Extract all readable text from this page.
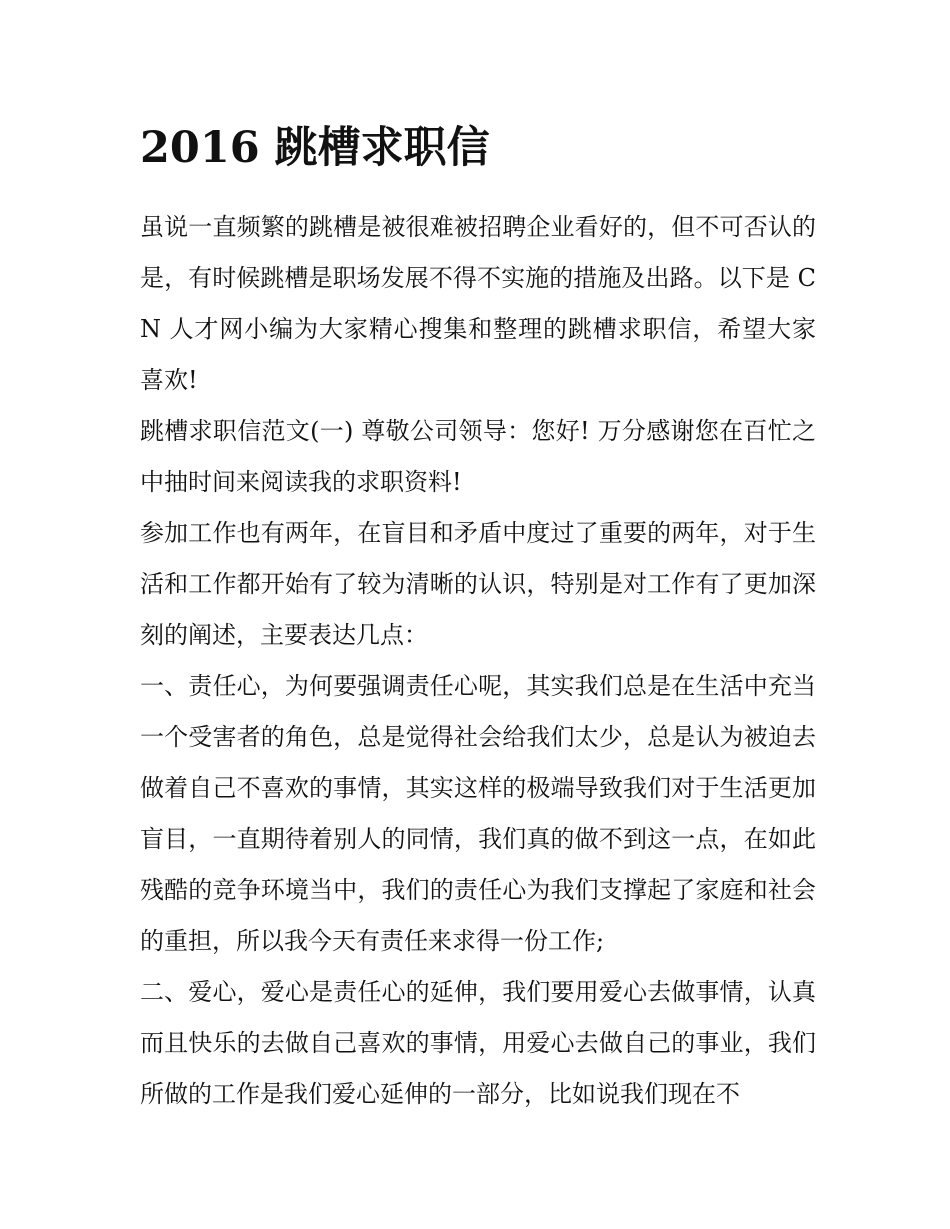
2016 跳槽求职信

虽说一直频繁的跳槽是被很难被招聘企业看好的，但不可否认的是，有时候跳槽是职场发展不得不实施的措施及出路。以下是 CN 人才网小编为大家精心搜集和整理的跳槽求职信，希望大家喜欢!

跳槽求职信范文(一) 尊敬公司领导：您好! 万分感谢您在百忙之中抽时间来阅读我的求职资料!

参加工作也有两年，在盲目和矛盾中度过了重要的两年，对于生活和工作都开始有了较为清晰的认识，特别是对工作有了更加深刻的阐述，主要表达几点：

一、责任心，为何要强调责任心呢，其实我们总是在生活中充当一个受害者的角色，总是觉得社会给我们太少，总是认为被迫去做着自己不喜欢的事情，其实这样的极端导致我们对于生活更加盲目，一直期待着别人的同情，我们真的做不到这一点，在如此残酷的竞争环境当中，我们的责任心为我们支撑起了家庭和社会的重担，所以我今天有责任来求得一份工作;

二、爱心，爱心是责任心的延伸，我们要用爱心去做事情，认真而且快乐的去做自己喜欢的事情，用爱心去做自己的事业，我们所做的工作是我们爱心延伸的一部分，比如说我们现在不
